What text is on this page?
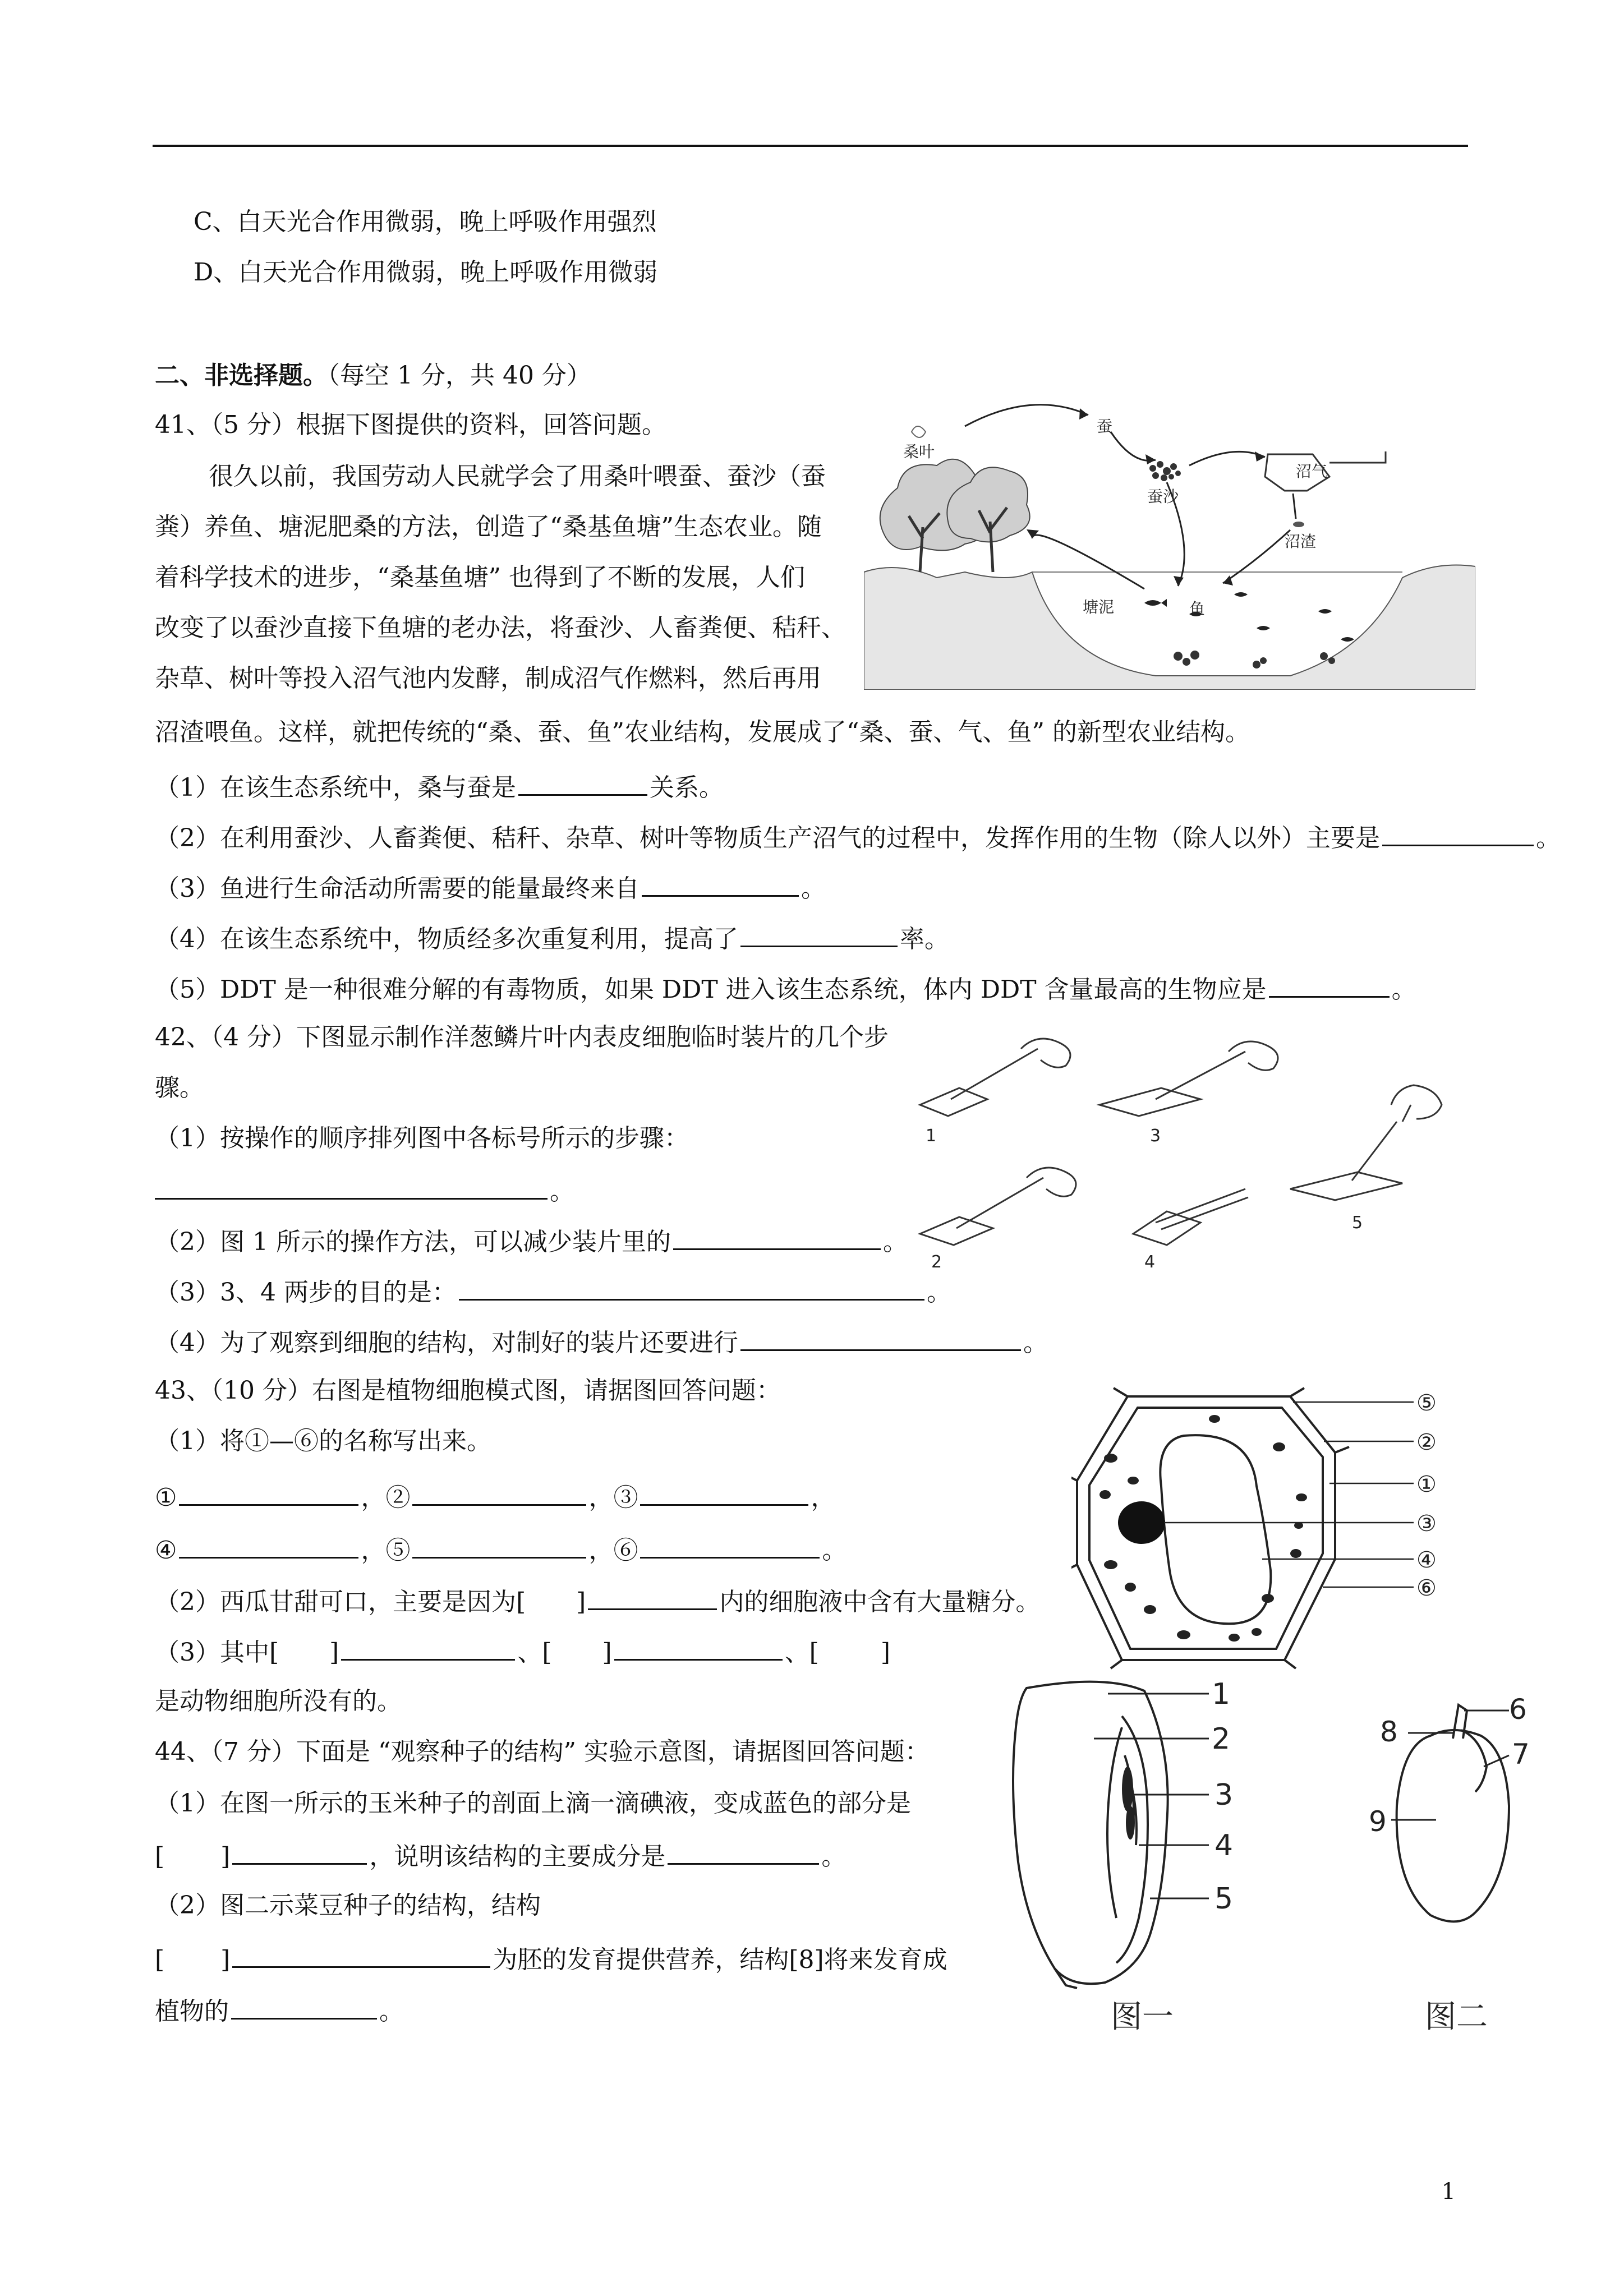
C、白天光合作用微弱，晚上呼吸作用强烈
D、白天光合作用微弱，晚上呼吸作用微弱
二、非选择题。（每空 1 分，共 40 分）
41、（5 分）根据下图提供的资料，回答问题。
很久以前，我国劳动人民就学会了用桑叶喂蚕、蚕沙（蚕
粪）养鱼、塘泥肥桑的方法，创造了“桑基鱼塘”生态农业。随
着科学技术的进步，“桑基鱼塘” 也得到了不断的发展，人们
改变了以蚕沙直接下鱼塘的老办法，将蚕沙、人畜粪便、秸秆、
杂草、树叶等投入沼气池内发酵，制成沼气作燃料，然后再用
沼渣喂鱼。这样，就把传统的“桑、蚕、鱼”农业结构，发展成了“桑、蚕、气、鱼” 的新型农业结构。
（1）在该生态系统中，桑与蚕是	关系。
（2）在利用蚕沙、人畜粪便、秸秆、杂草、树叶等物质生产沼气的过程中，发挥作用的生物（除人以外）主要是	。
（3）鱼进行生命活动所需要的能量最终来自	。
（4）在该生态系统中，物质经多次重复利用，提高了	率。
（5）DDT 是一种很难分解的有毒物质，如果 DDT 进入该生态系统，体内 DDT 含量最高的生物应是	。
桑叶
蚕
蚕沙
沼气
沼渣
塘泥	鱼
42、（4 分）下图显示制作洋葱鳞片叶内表皮细胞临时装片的几个步
骤。
（1）按操作的顺序排列图中各标号所示的步骤：
。
（2）图 1 所示的操作方法，可以减少装片里的	。
（3）3、4 两步的目的是：	。
（4）为了观察到细胞的结构，对制好的装片还要进行	。
1	3
5
2	4
43、（10 分）右图是植物细胞模式图，请据图回答问题：
（1）将①—⑥的名称写出来。
①	，②	，③	，
④	，⑤	，⑥	。
（2）西瓜甘甜可口，主要是因为[ ]	内的细胞液中含有大量糖分。
（3）其中[ ]	、[ ]	、[	]
是动物细胞所没有的。
⑤
②
①
③
④
⑥
44、（7 分）下面是 “观察种子的结构” 实验示意图，请据图回答问题：
（1）在图一所示的玉米种子的剖面上滴一滴碘液，变成蓝色的部分是
[ ]	，说明该结构的主要成分是	。
（2）图二示菜豆种子的结构，结构
[ ]	为胚的发育提供营养，结构[8]将来发育成
植物的	。
1
2
3
4
5
图一
6
7
8
9
图二
1
